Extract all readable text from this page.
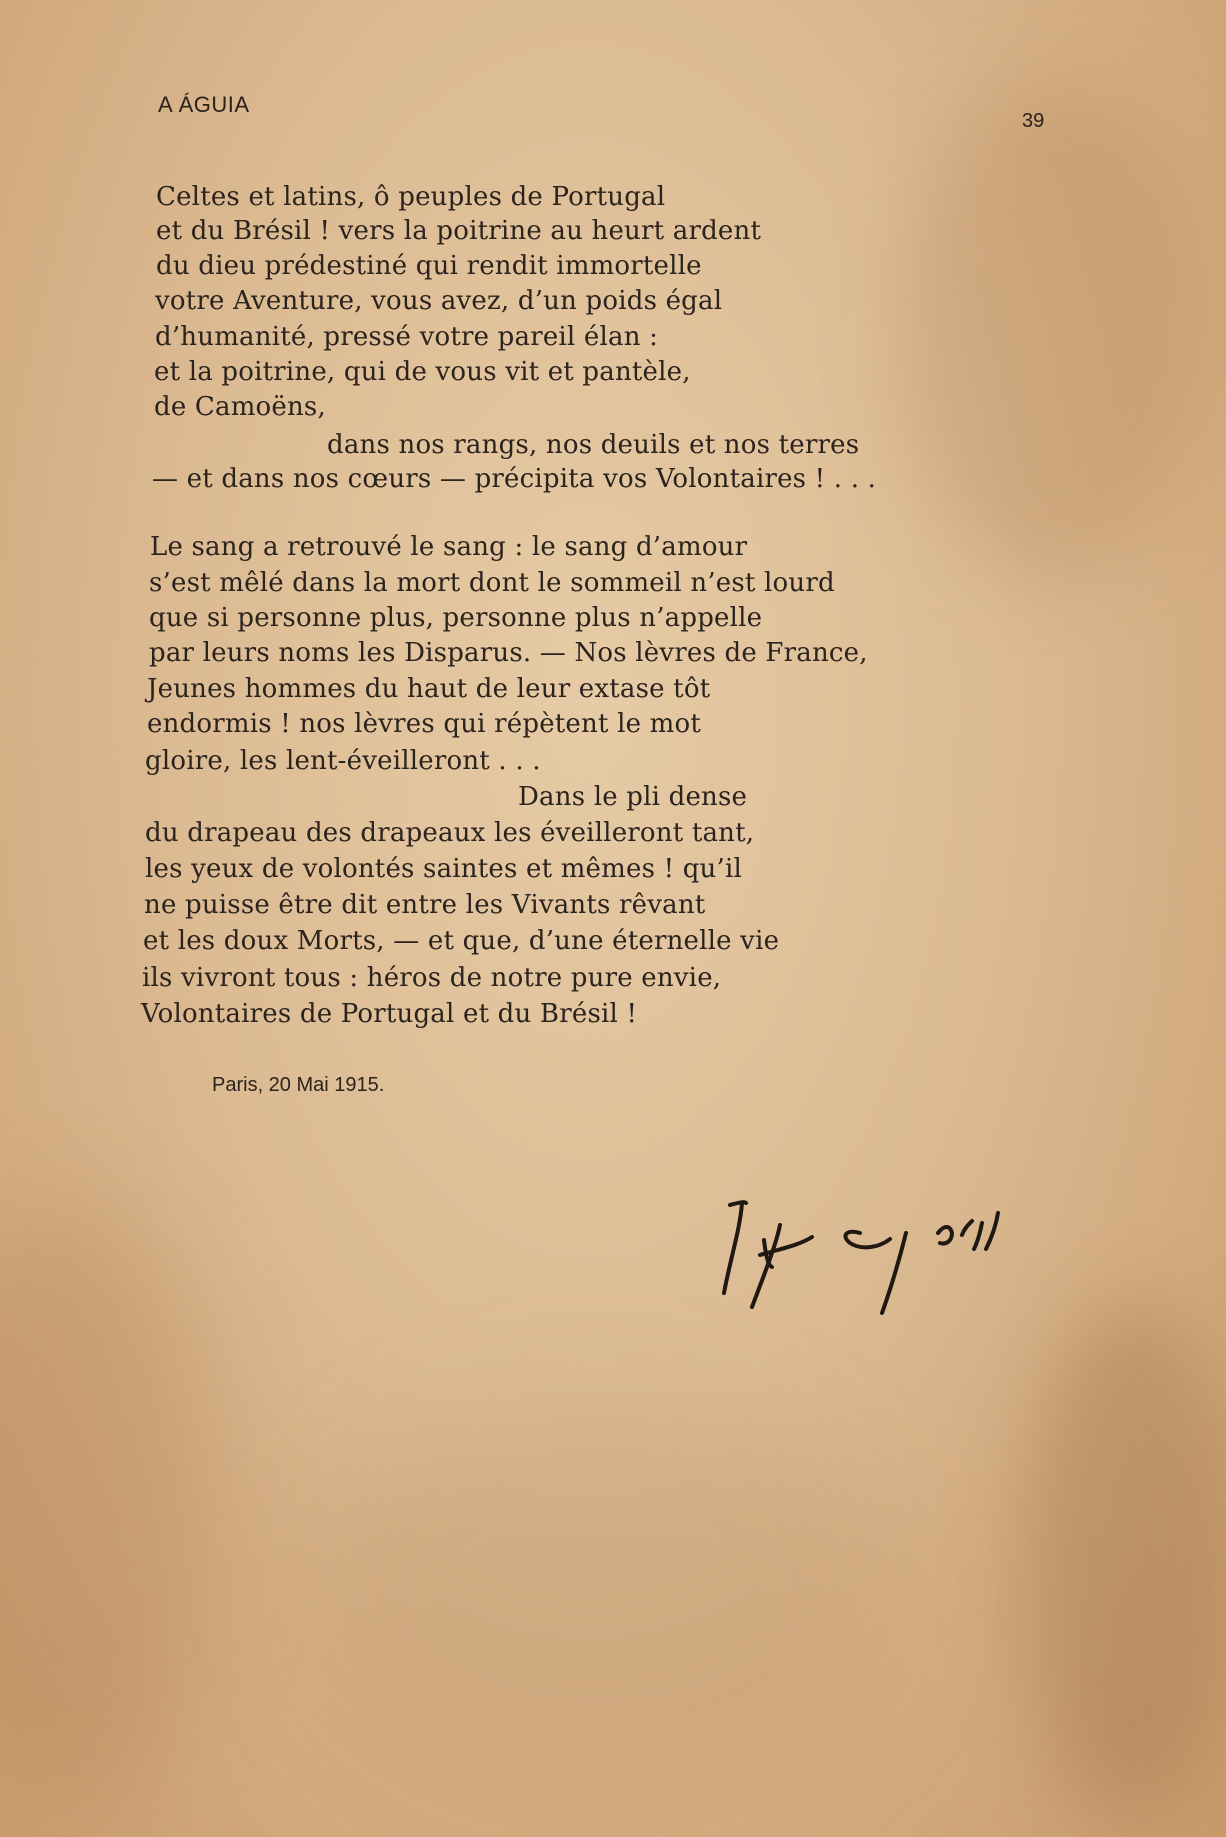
A ÁGUIA
39
Celtes et latins, ô peuples de Portugal
et du Brésil ! vers la poitrine au heurt ardent
du dieu prédestiné qui rendit immortelle
votre Aventure, vous avez, d’un poids égal
d’humanité, pressé votre pareil élan :
et la poitrine, qui de vous vit et pantèle,
de Camoëns,
dans nos rangs, nos deuils et nos terres
— et dans nos cœurs — précipita vos Volontaires ! . . .
Le sang a retrouvé le sang : le sang d’amour
s’est mêlé dans la mort dont le sommeil n’est lourd
que si personne plus, personne plus n’appelle
par leurs noms les Disparus. — Nos lèvres de France,
Jeunes hommes du haut de leur extase tôt
endormis ! nos lèvres qui répètent le mot
gloire, les lent-éveilleront . . .
Dans le pli dense
du drapeau des drapeaux les éveilleront tant,
les yeux de volontés saintes et mêmes ! qu’il
ne puisse être dit entre les Vivants rêvant
et les doux Morts, — et que, d’une éternelle vie
ils vivront tous : héros de notre pure envie,
Volontaires de Portugal et du Brésil !
Paris, 20 Mai 1915.
